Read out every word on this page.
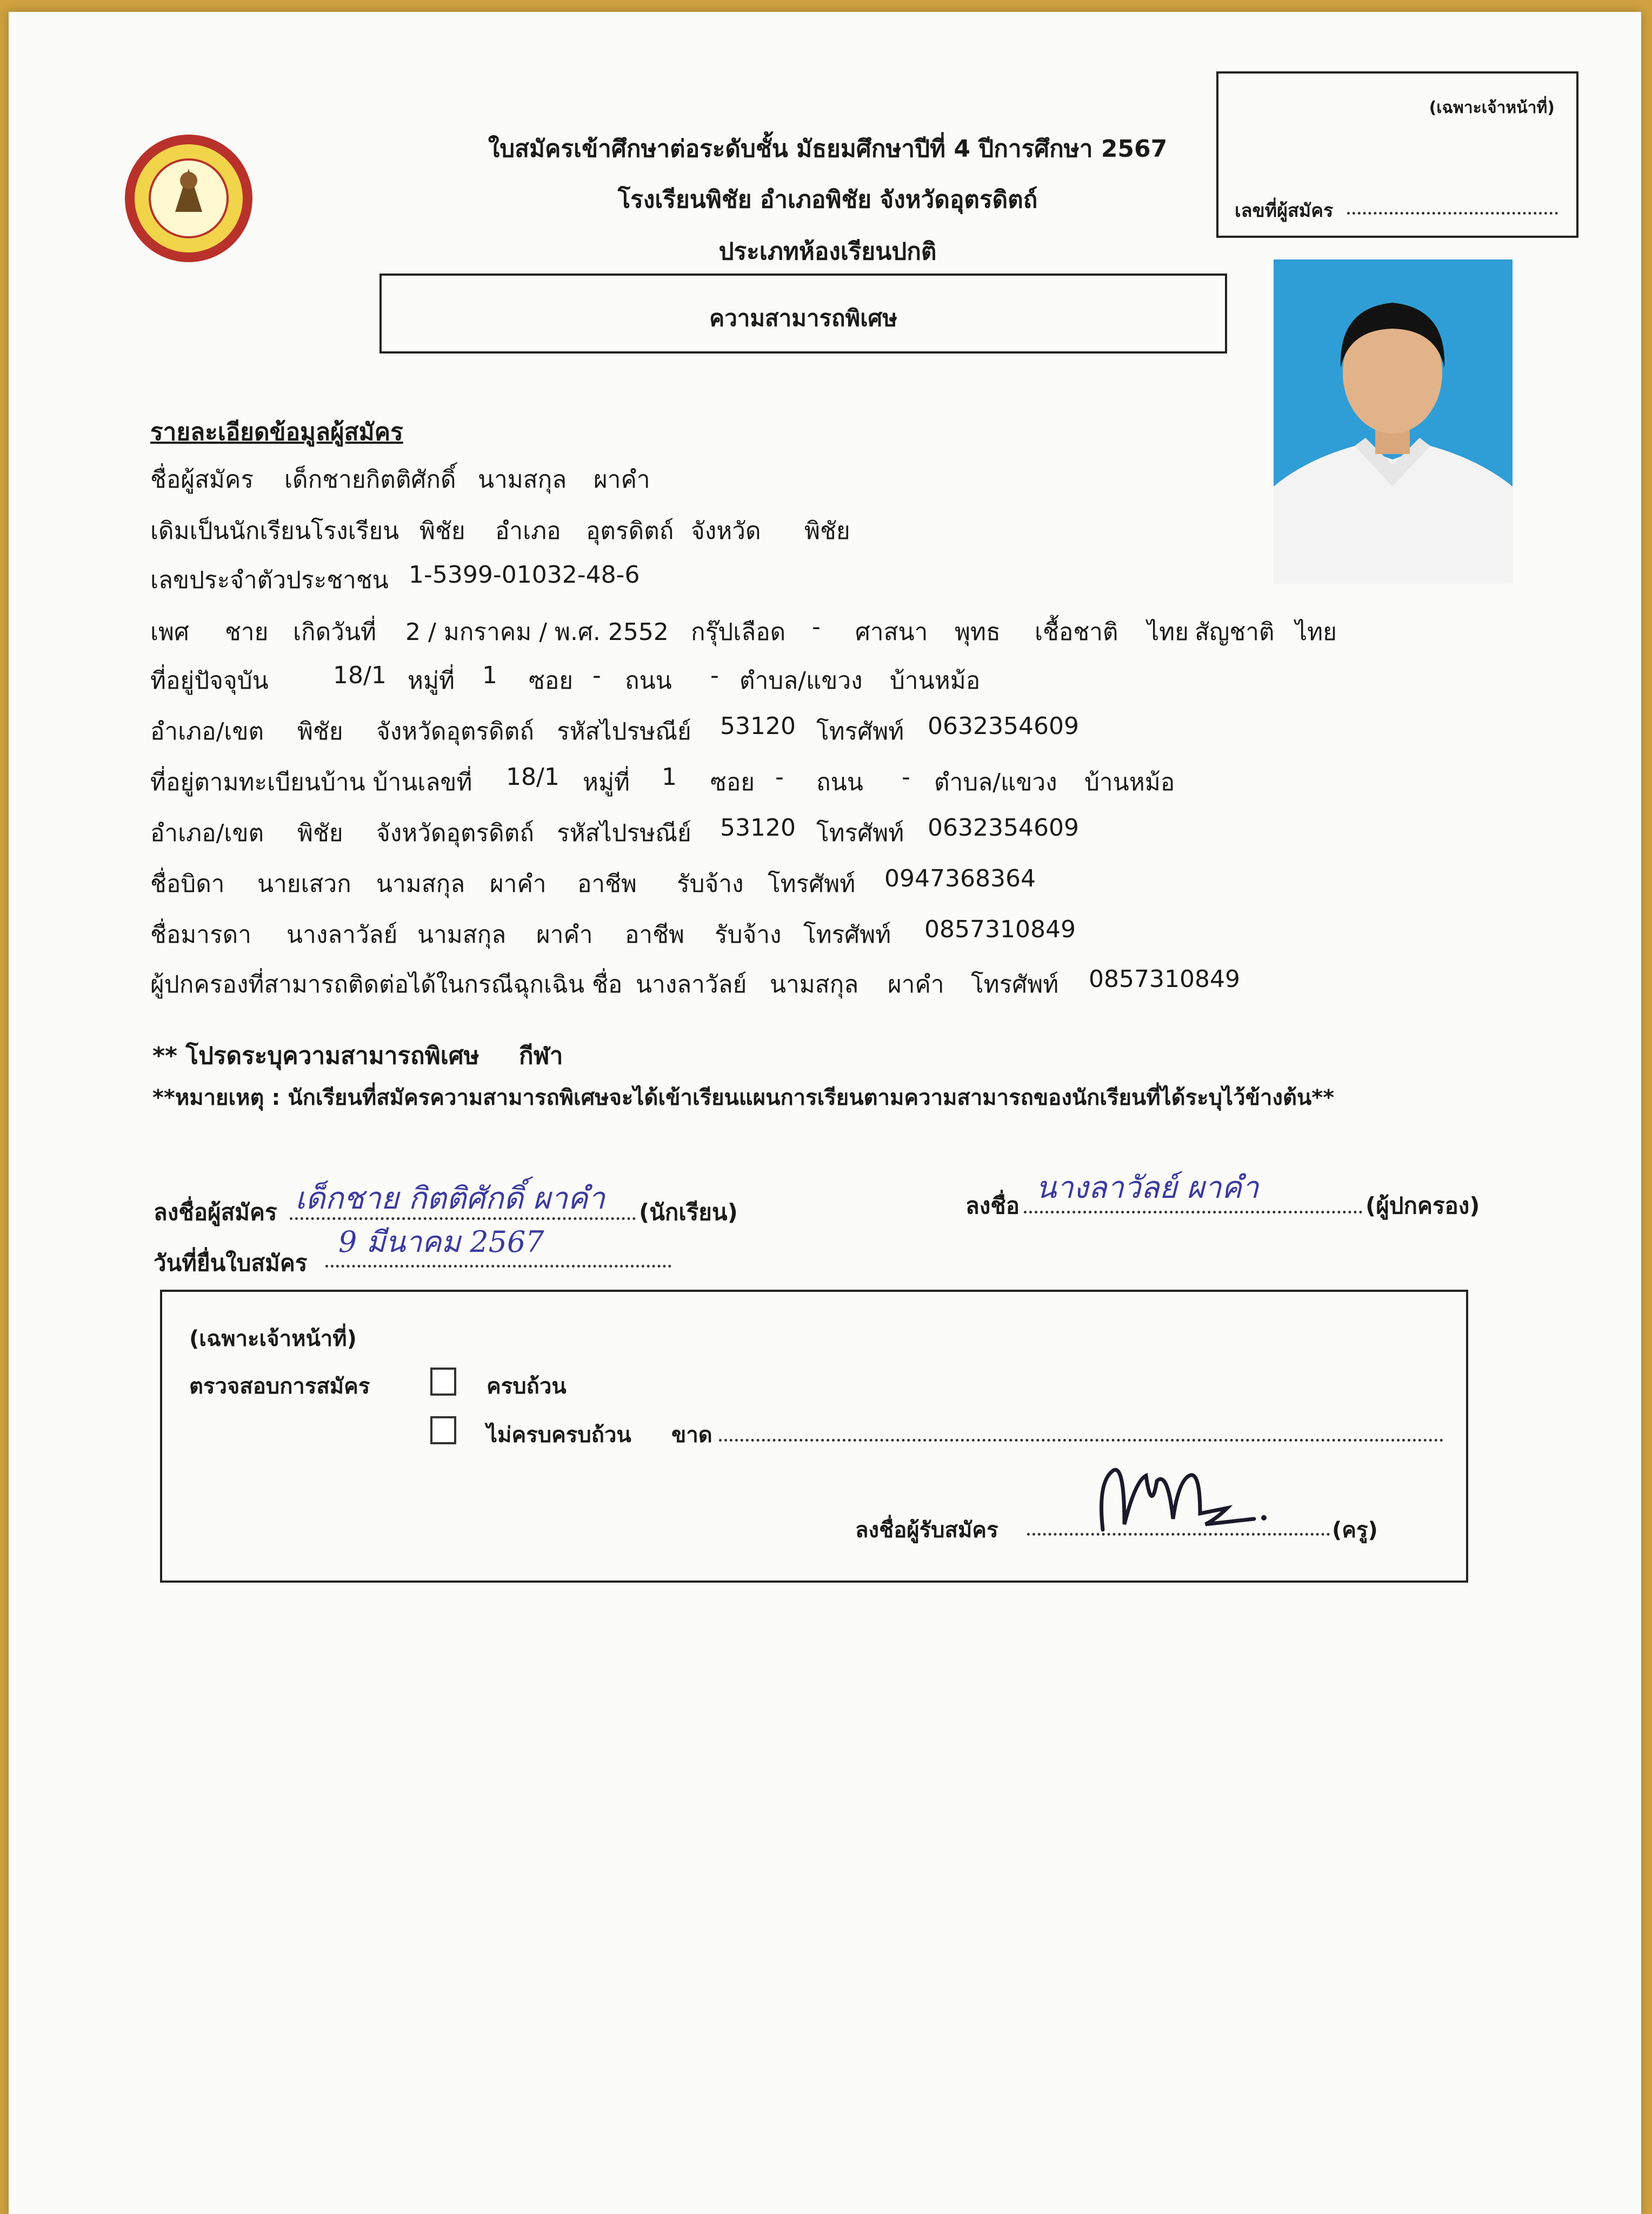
ใบสมัครเข้าศึกษาต่อระดับชั้น มัธยมศึกษาปีที่ 4 ปีการศึกษา 2567
โรงเรียนพิชัย อำเภอพิชัย จังหวัดอุตรดิตถ์
ประเภทห้องเรียนปกติ
(เฉพาะเจ้าหน้าที่)
เลขที่ผู้สมัคร
ความสามารถพิเศษ
รายละเอียดข้อมูลผู้สมัคร
ชื่อผู้สมัคร เด็กชายกิตติศักดิ์ นามสกุล ผาคำ
เดิมเป็นนักเรียนโรงเรียน พิชัย อำเภอ อุตรดิตถ์ จังหวัด พิชัย
เลขประจำตัวประชาชน 1-5399-01032-48-6
เพศ ชาย เกิดวันที่ 2 / มกราคม / พ.ศ. 2552 กรุ๊ปเลือด - ศาสนา พุทธ เชื้อชาติ ไทย สัญชาติ ไทย
ที่อยู่ปัจจุบัน	18/1 หมู่ที่ 1 ซอย - ถนน - ตำบล/แขวง บ้านหม้อ
อำเภอ/เขต พิชัย จังหวัดอุตรดิตถ์ รหัสไปรษณีย์ 53120 โทรศัพท์ 0632354609
ที่อยู่ตามทะเบียนบ้าน บ้านเลขที่ 18/1 หมู่ที่ 1 ซอย - ถนน - ตำบล/แขวง บ้านหม้อ
อำเภอ/เขต พิชัย จังหวัดอุตรดิตถ์ รหัสไปรษณีย์ 53120 โทรศัพท์ 0632354609
ชื่อบิดา นายเสวก นามสกุล ผาคำ อาชีพ รับจ้าง โทรศัพท์ 0947368364
ชื่อมารดา นางลาวัลย์ นามสกุล ผาคำ อาชีพ รับจ้าง โทรศัพท์ 0857310849
ผู้ปกครองที่สามารถติดต่อได้ในกรณีฉุกเฉิน ชื่อ นางลาวัลย์ นามสกุล ผาคำ โทรศัพท์ 0857310849
** โปรดระบุความสามารถพิเศษ กีฬา
**หมายเหตุ : นักเรียนที่สมัครความสามารถพิเศษจะได้เข้าเรียนแผนการเรียนตามความสามารถของนักเรียนที่ได้ระบุไว้ข้างต้น**
ลงชื่อผู้สมัคร เด็กชาย กิตติศักดิ์ ผาคำ (นักเรียน)	ลงชื่อ
นางลาวัลย์ ผาคำ
(ผู้ปกครอง)
วันที่ยื่นใบสมัคร
9 มีนาคม 2567
(เฉพาะเจ้าหน้าที่)
ตรวจสอบการสมัคร	ครบถ้วน
ไม่ครบครบถ้วน ขาด
ลงชื่อผู้รับสมัคร	(ครู)
